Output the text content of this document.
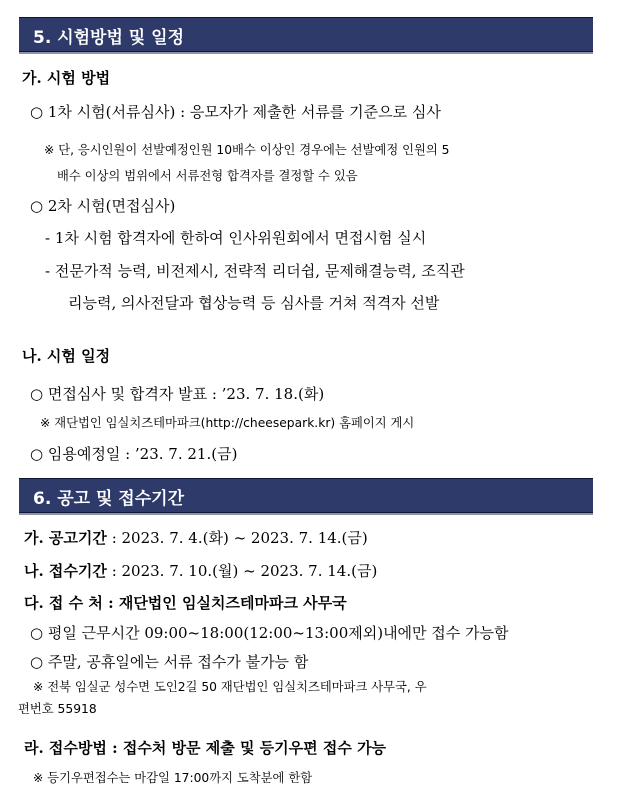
5. 시험방법 및 일정
가. 시험 방법
○ 1차 시험(서류심사) : 응모자가 제출한 서류를 기준으로 심사
※ 단, 응시인원이 선발예정인원 10배수 이상인 경우에는 선발예정 인원의 5
배수 이상의 범위에서 서류전형 합격자를 결정할 수 있음
○ 2차 시험(면접심사)
- 1차 시험 합격자에 한하여 인사위원회에서 면접시험 실시
- 전문가적 능력, 비전제시, 전략적 리더쉽, 문제해결능력, 조직관
리능력, 의사전달과 협상능력 등 심사를 거쳐 적격자 선발
나. 시험 일정
○ 면접심사 및 합격자 발표 : ’23. 7. 18.(화)
※ 재단법인 임실치즈테마파크(http://cheesepark.kr) 홈페이지 게시
○ 임용예정일 : ’23. 7. 21.(금)
6. 공고 및 접수기간
가. 공고기간 : 2023. 7. 4.(화) ~ 2023. 7. 14.(금)
나. 접수기간 : 2023. 7. 10.(월) ~ 2023. 7. 14.(금)
다. 접 수 처 : 재단법인 임실치즈테마파크 사무국
○ 평일 근무시간 09:00~18:00(12:00~13:00제외)내에만 접수 가능함
○ 주말, 공휴일에는 서류 접수가 불가능 함
※ 전북 임실군 성수면 도인2길 50 재단법인 임실치즈테마파크 사무국, 우
편번호 55918
라. 접수방법 : 접수처 방문 제출 및 등기우편 접수 가능
※ 등기우편접수는 마감일 17:00까지 도착분에 한함
